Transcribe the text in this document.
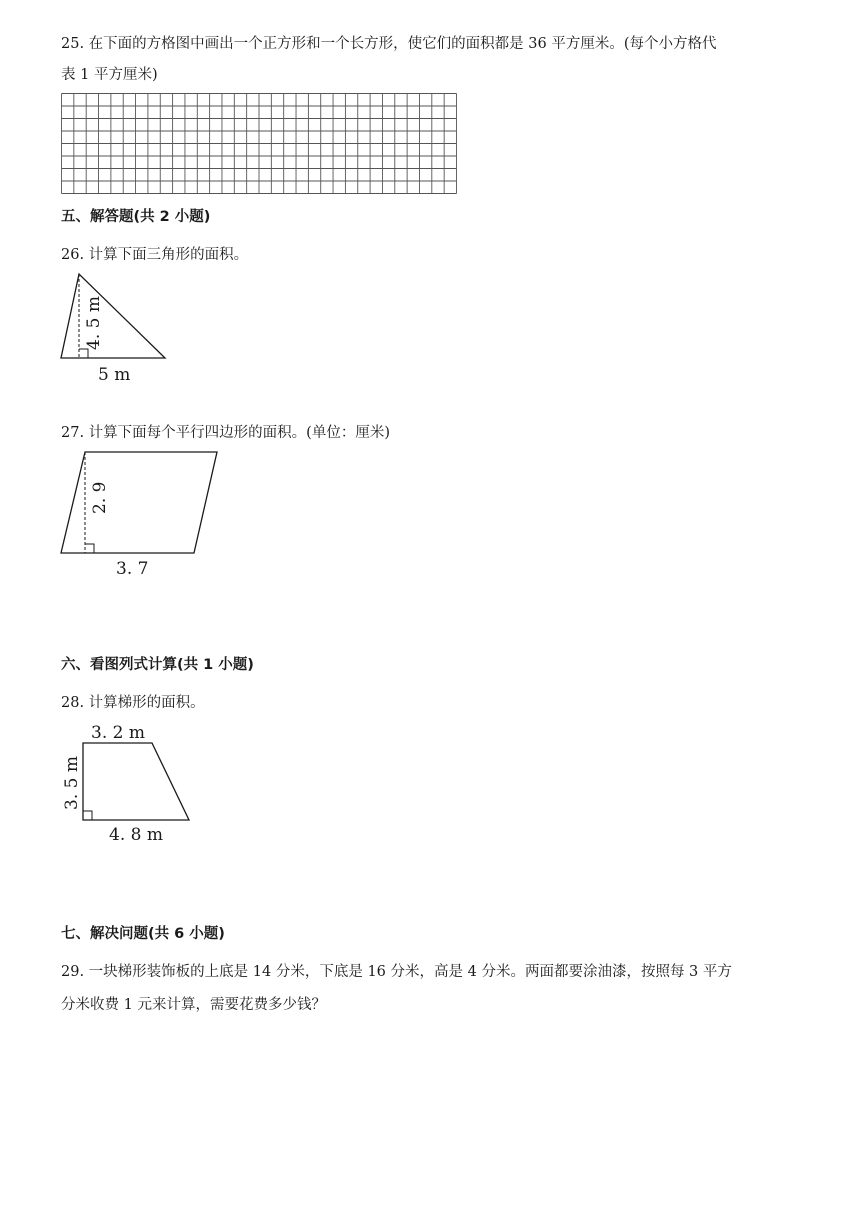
25. 在下面的方格图中画出一个正方形和一个长方形，使它们的面积都是 36 平方厘米。(每个小方格代
表 1 平方厘米)
五、解答题(共 2 小题)
26. 计算下面三角形的面积。
4. 5 m
5 m
27. 计算下面每个平行四边形的面积。(单位：厘米)
2. 9
3. 7
六、看图列式计算(共 1 小题)
28. 计算梯形的面积。
3. 2 m
3. 5 m
4. 8 m
七、解决问题(共 6 小题)
29. 一块梯形装饰板的上底是 14 分米，下底是 16 分米，高是 4 分米。两面都要涂油漆，按照每 3 平方
分米收费 1 元来计算，需要花费多少钱？
